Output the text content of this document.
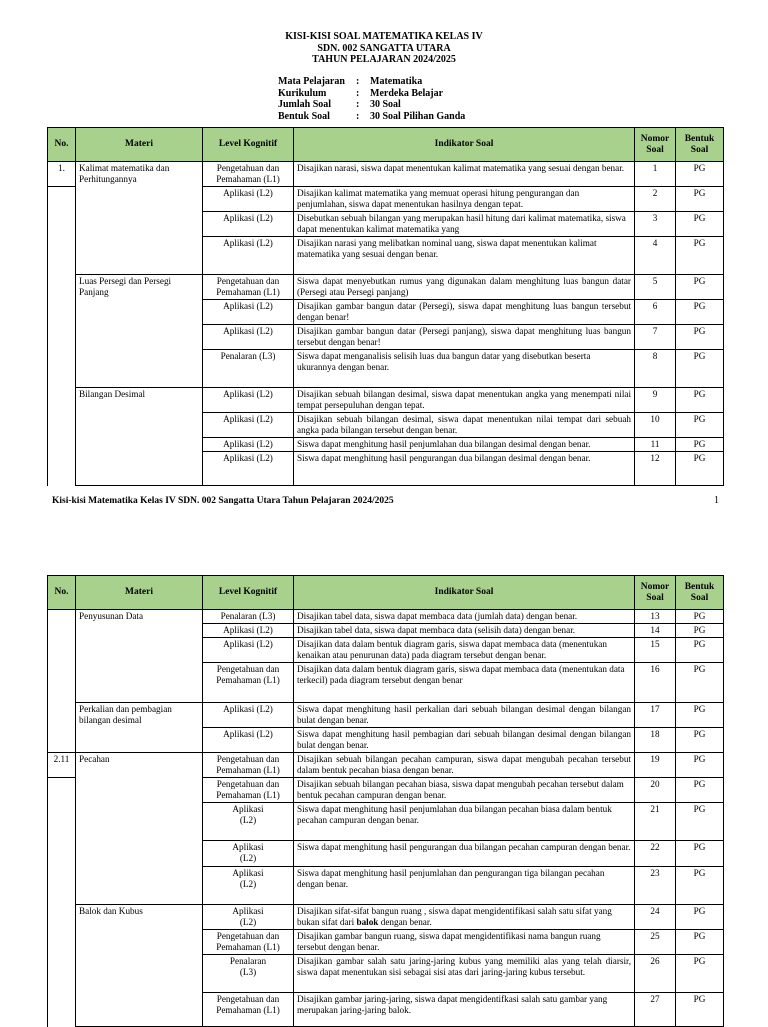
KISI-KISI SOAL MATEMATIKA KELAS IV
SDN. 002 SANGATTA UTARA
TAHUN PELAJARAN 2024/2025
Mata Pelajaran	:	Matematika
Kurikulum	:	Merdeka Belajar
Jumlah Soal	:	30 Soal
Bentuk Soal	:	30 Soal Pilihan Ganda
No.	Materi	Level Kognitif	Indikator Soal	Nomor Soal	Bentuk Soal
1.	Kalimat matematika dan Perhitungannya	Pengetahuan dan Pemahaman (L1)	Disajikan narasi, siswa dapat menentukan kalimat matematika yang sesuai dengan benar.	1	PG
		Aplikasi (L2)	Disajikan kalimat matematika yang memuat operasi hitung pengurangan dan penjumlahan, siswa dapat menentukan hasilnya dengan tepat.	2	PG
		Aplikasi (L2)	Disebutkan sebuah bilangan yang merupakan hasil hitung dari kalimat matematika, siswa dapat menentukan kalimat matematika yang	3	PG
		Aplikasi (L2)	Disajikan narasi yang melibatkan nominal uang, siswa dapat menentukan kalimat matematika yang sesuai dengan benar.	4	PG
	Luas Persegi dan Persegi Panjang	Pengetahuan dan Pemahaman (L1)	Siswa dapat menyebutkan rumus yang digunakan dalam menghitung luas bangun datar (Persegi atau Persegi panjang)	5	PG
		Aplikasi (L2)	Disajikan gambar bangun datar (Persegi), siswa dapat menghitung luas bangun tersebut dengan benar!	6	PG
		Aplikasi (L2)	Disajikan gambar bangun datar (Persegi panjang), siswa dapat menghitung luas bangun tersebut dengan benar!	7	PG
		Penalaran (L3)	Siswa dapat menganalisis selisih luas dua bangun datar yang disebutkan beserta ukurannya dengan benar.	8	PG
	Bilangan Desimal	Aplikasi (L2)	Disajikan sebuah bilangan desimal, siswa dapat menentukan angka yang menempati nilai tempat persepuluhan dengan tepat.	9	PG
		Aplikasi (L2)	Disajikan sebuah bilangan desimal, siswa dapat menentukan nilai tempat dari sebuah angka pada bilangan tersebut dengan benar.	10	PG
		Aplikasi (L2)	Siswa dapat menghitung hasil penjumlahan dua bilangan desimal dengan benar.	11	PG
		Aplikasi (L2)	Siswa dapat menghitung hasil pengurangan dua bilangan desimal dengan benar.	12	PG
Kisi-kisi Matematika Kelas IV SDN. 002 Sangatta Utara Tahun Pelajaran 2024/2025	1
No.	Materi	Level Kognitif	Indikator Soal	Nomor Soal	Bentuk Soal
	Penyusunan Data	Penalaran (L3)	Disajikan tabel data, siswa dapat membaca data (jumlah data) dengan benar.	13	PG
		Aplikasi (L2)	Disajikan tabel data, siswa dapat membaca data (selisih data) dengan benar.	14	PG
		Aplikasi (L2)	Disajikan data dalam bentuk diagram garis, siswa dapat membaca data (menentukan kenaikan atau penurunan data) pada diagram tersebut dengan benar.	15	PG
		Pengetahuan dan Pemahaman (L1)	Disajikan data dalam bentuk diagram garis, siswa dapat membaca data (menentukan data terkecil) pada diagram tersebut dengan benar	16	PG
	Perkalian dan pembagian bilangan desimal	Aplikasi (L2)	Siswa dapat menghitung hasil perkalian dari sebuah bilangan desimal dengan bilangan bulat dengan benar.	17	PG
		Aplikasi (L2)	Siswa dapat menghitung hasil pembagian dari sebuah bilangan desimal dengan bilangan bulat dengan benar.	18	PG
2.11	Pecahan	Pengetahuan dan Pemahaman (L1)	Disajikan sebuah bilangan pecahan campuran, siswa dapat mengubah pecahan tersebut dalam bentuk pecahan biasa dengan benar.	19	PG
		Pengetahuan dan Pemahaman (L1)	Disajikan sebuah bilangan pecahan biasa, siswa dapat mengubah pecahan tersebut dalam bentuk pecahan campuran dengan benar.	20	PG

		Aplikasi (L2)	Siswa dapat menghitung hasil penjumlahan dua bilangan pecahan biasa dalam bentuk pecahan campuran dengan benar.	21	PG

		Aplikasi (L2)	Siswa dapat menghitung hasil pengurangan dua bilangan pecahan campuran dengan benar.	22	PG

		Aplikasi (L2)	Siswa dapat menghitung hasil penjumlahan dan pengurangan tiga bilangan pecahan dengan benar.	23	PG
	Balok dan Kubus	Aplikasi (L2)	Disajikan sifat-sifat bangun ruang , siswa dapat mengidentifikasi salah satu sifat yang bukan sifat dari balok dengan benar.	24	PG
		Pengetahuan dan Pemahaman (L1)	Disajikan gambar bangun ruang, siswa dapat mengidentifikasi nama bangun ruang tersebut dengan benar.	25	PG

		Penalaran (L3)	Disajikan gambar salah satu jaring-jaring kubus yang memiliki alas yang telah diarsir, siswa dapat menentukan sisi sebagai sisi atas dari jaring-jaring kubus tersebut.	26	PG
		Pengetahuan dan Pemahaman (L1)	Disajikan gambar jaring-jaring, siswa dapat mengidentifkasi salah satu gambar yang merupakan jaring-jaring balok.	27	PG
